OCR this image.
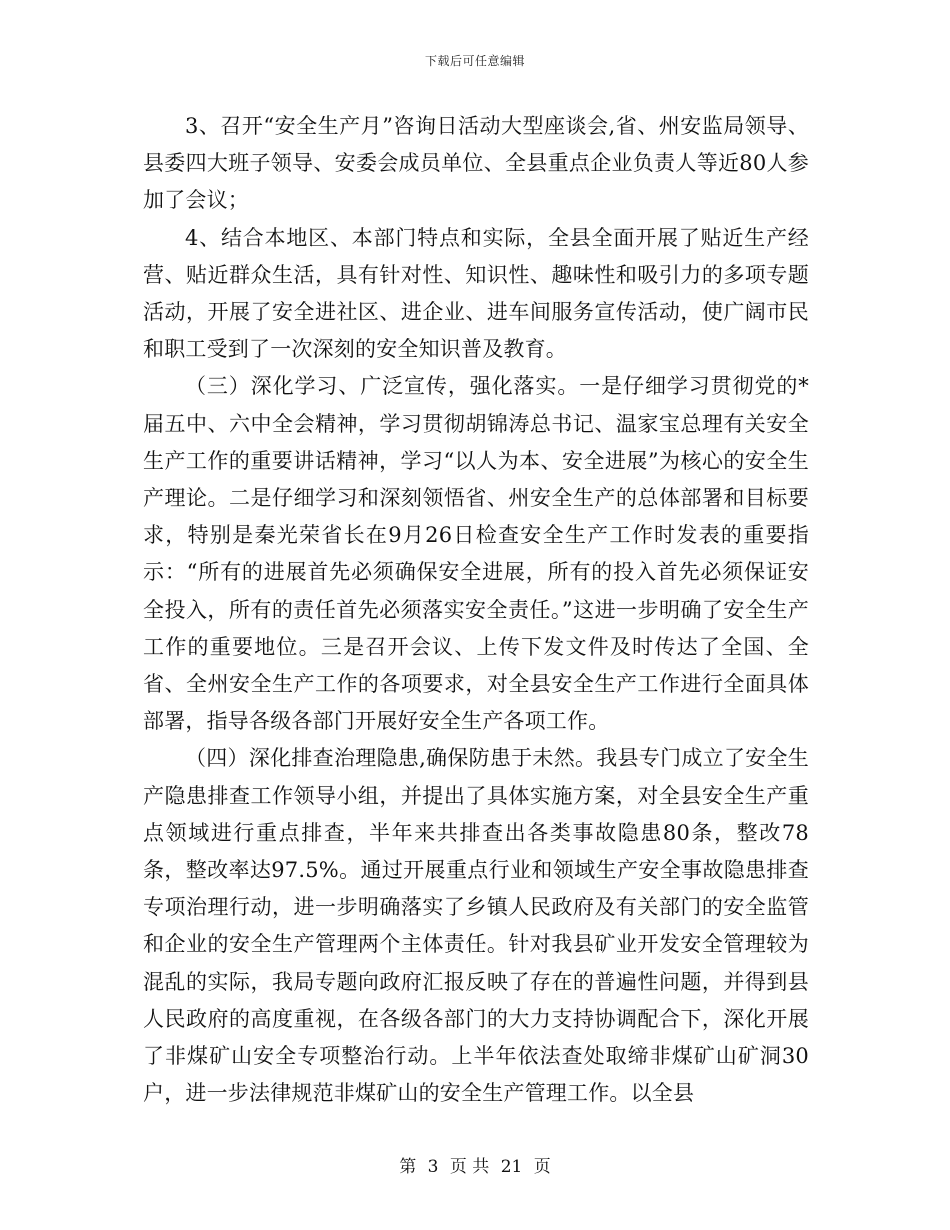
下载后可任意编辑

3、召开“安全生产月”咨询日活动大型座谈会,省、州安监局领导、县委四大班子领导、安委会成员单位、全县重点企业负责人等近80人参加了会议；

4、结合本地区、本部门特点和实际，全县全面开展了贴近生产经营、贴近群众生活，具有针对性、知识性、趣味性和吸引力的多项专题活动，开展了安全进社区、进企业、进车间服务宣传活动，使广阔市民和职工受到了一次深刻的安全知识普及教育。

（三）深化学习、广泛宣传，强化落实。一是仔细学习贯彻党的*届五中、六中全会精神，学习贯彻胡锦涛总书记、温家宝总理有关安全生产工作的重要讲话精神，学习“以人为本、安全进展”为核心的安全生产理论。二是仔细学习和深刻领悟省、州安全生产的总体部署和目标要求，特别是秦光荣省长在9月26日检查安全生产工作时发表的重要指示：“所有的进展首先必须确保安全进展，所有的投入首先必须保证安全投入，所有的责任首先必须落实安全责任。”这进一步明确了安全生产工作的重要地位。三是召开会议、上传下发文件及时传达了全国、全省、全州安全生产工作的各项要求，对全县安全生产工作进行全面具体部署，指导各级各部门开展好安全生产各项工作。

（四）深化排查治理隐患,确保防患于未然。我县专门成立了安全生产隐患排查工作领导小组，并提出了具体实施方案，对全县安全生产重点领域进行重点排查，半年来共排查出各类事故隐患80条，整改78条，整改率达97.5%。通过开展重点行业和领域生产安全事故隐患排查专项治理行动，进一步明确落实了乡镇人民政府及有关部门的安全监管和企业的安全生产管理两个主体责任。针对我县矿业开发安全管理较为混乱的实际，我局专题向政府汇报反映了存在的普遍性问题，并得到县人民政府的高度重视，在各级各部门的大力支持协调配合下，深化开展了非煤矿山安全专项整治行动。上半年依法查处取缔非煤矿山矿洞30户，进一步法律规范非煤矿山的安全生产管理工作。以全县

第 3 页 共 21 页
